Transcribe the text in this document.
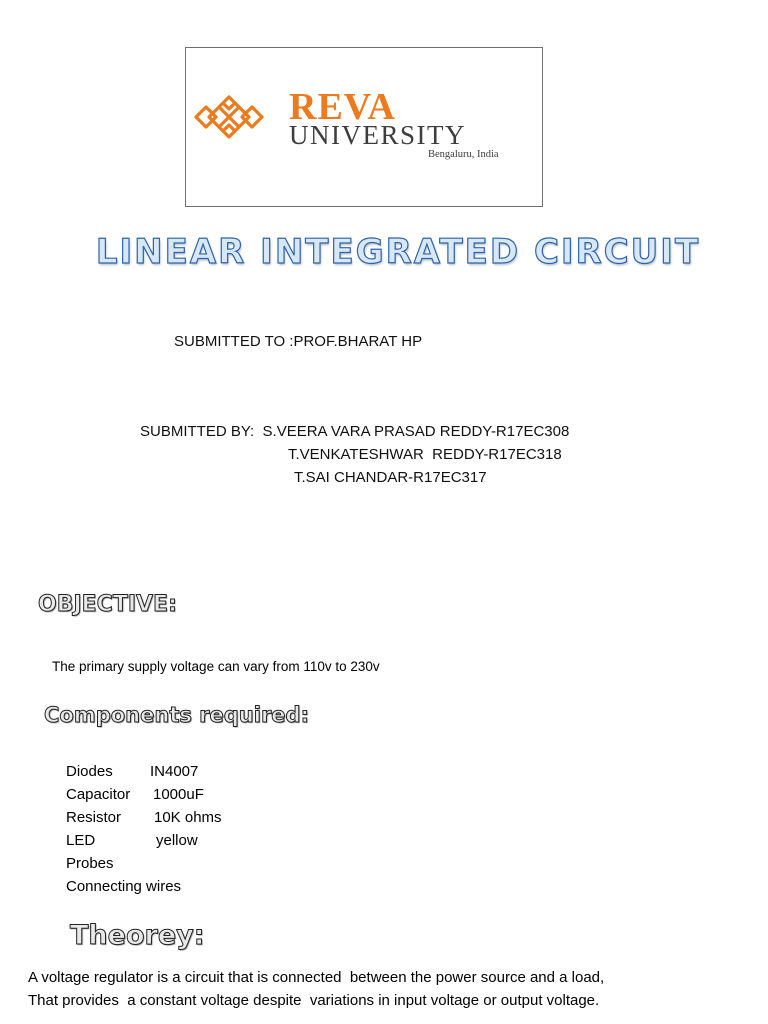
REVA
UNIVERSITY
Bengaluru, India
LINEAR INTEGRATED CIRCUIT
SUBMITTED TO :PROF.BHARAT HP
SUBMITTED BY:  S.VEERA VARA PRASAD REDDY-R17EC308
T.VENKATESHWAR  REDDY-R17EC318
T.SAI CHANDAR-R17EC317
OBJECTIVE:
The primary supply voltage can vary from 110v to 230v
Components required:
Diodes IN4007
Capacitor 1000uF
Resistor 10K ohms
LED	yellow
Probes
Connecting wires
Theorey:
A voltage regulator is a circuit that is connected  between the power source and a load,
That provides  a constant voltage despite  variations in input voltage or output voltage.
